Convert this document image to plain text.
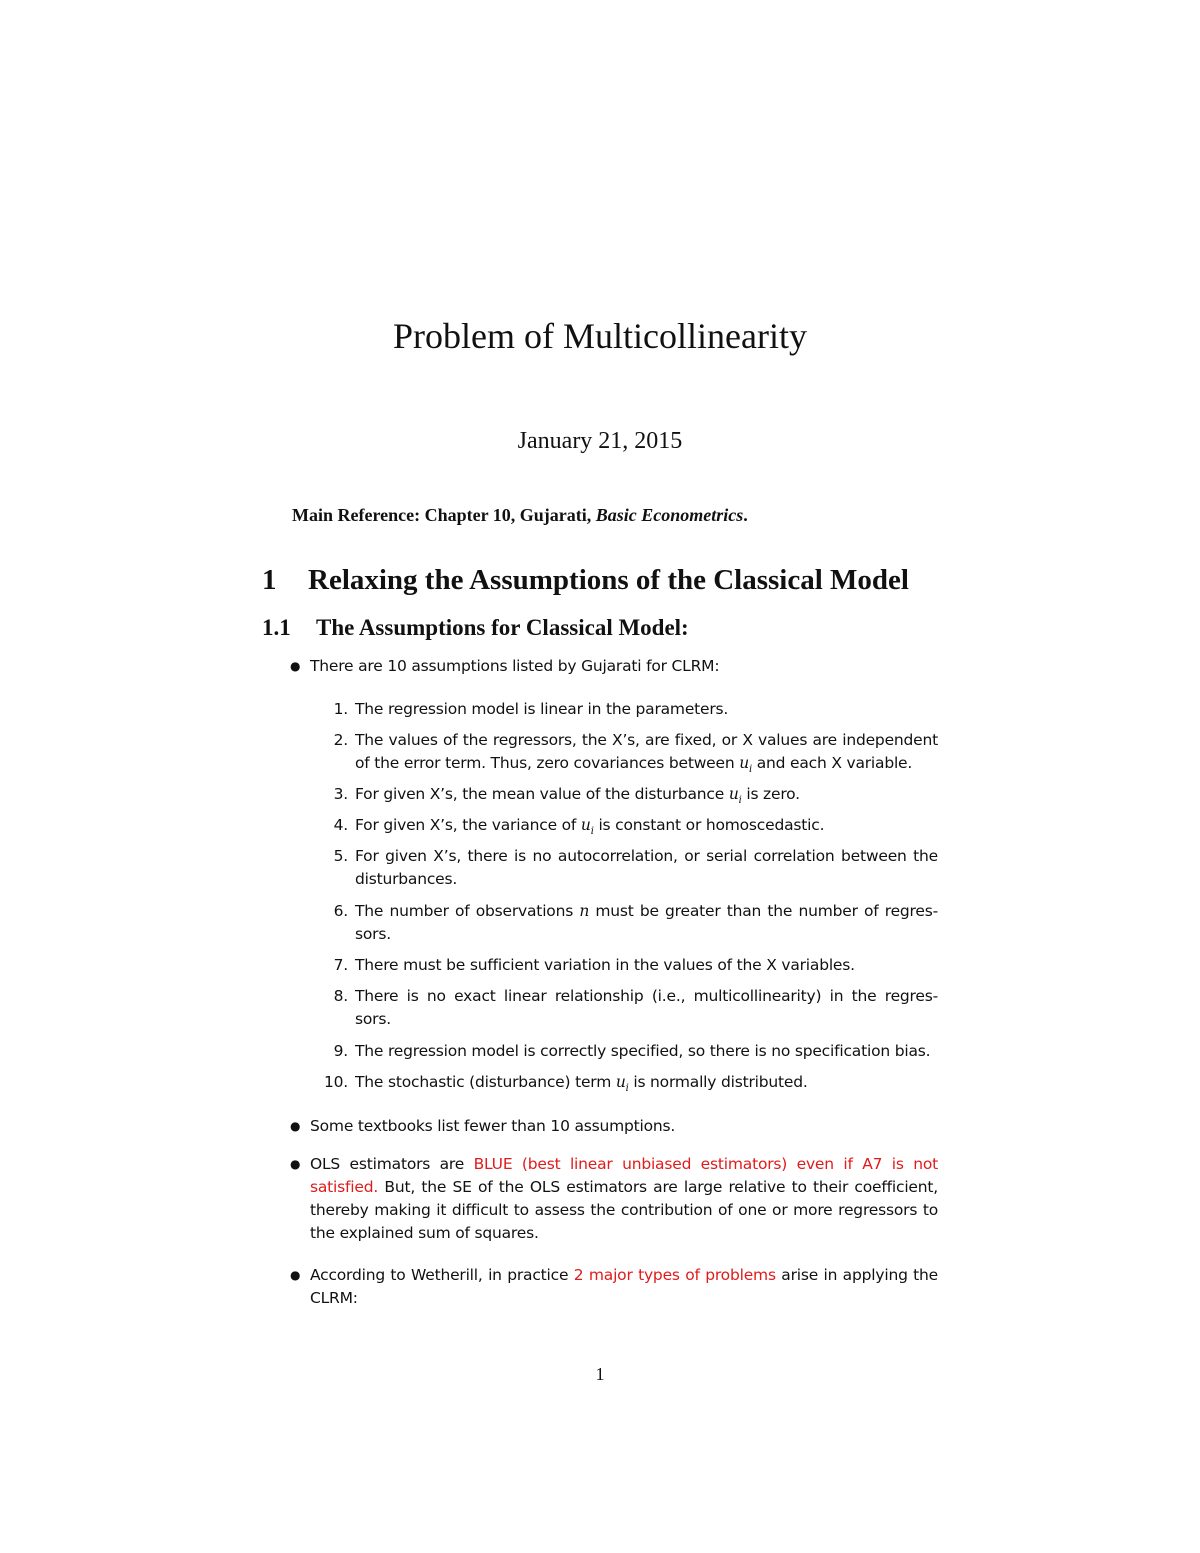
Problem of Multicollinearity
January 21, 2015
Main Reference: Chapter 10, Gujarati, Basic Econometrics.
1 Relaxing the Assumptions of the Classical Model
1.1 The Assumptions for Classical Model:
● There are 10 assumptions listed by Gujarati for CLRM:
1. The regression model is linear in the parameters.
2. The values of the regressors, the X’s, are fixed, or X values are independent of the error term. Thus, zero covariances between $u_i$ and each X variable.
3. For given X’s, the mean value of the disturbance $u_i$ is zero.
4. For given X’s, the variance of $u_i$ is constant or homoscedastic.
5. For given X’s, there is no autocorrelation, or serial correlation between the disturbances.
6. The number of observations n must be greater than the number of regres-sors.
7. There must be sufficient variation in the values of the X variables.
8. There is no exact linear relationship (i.e., multicollinearity) in the regres-sors.
9. The regression model is correctly specified, so there is no specification bias.
10. The stochastic (disturbance) term $u_i$ is normally distributed.
● Some textbooks list fewer than 10 assumptions.
● OLS estimators are BLUE (best linear unbiased estimators) even if A7 is not satisfied. But, the SE of the OLS estimators are large relative to their coefficient, thereby making it difficult to assess the contribution of one or more regressors to the explained sum of squares.
● According to Wetherill, in practice 2 major types of problems arise in applying the CLRM:
1
